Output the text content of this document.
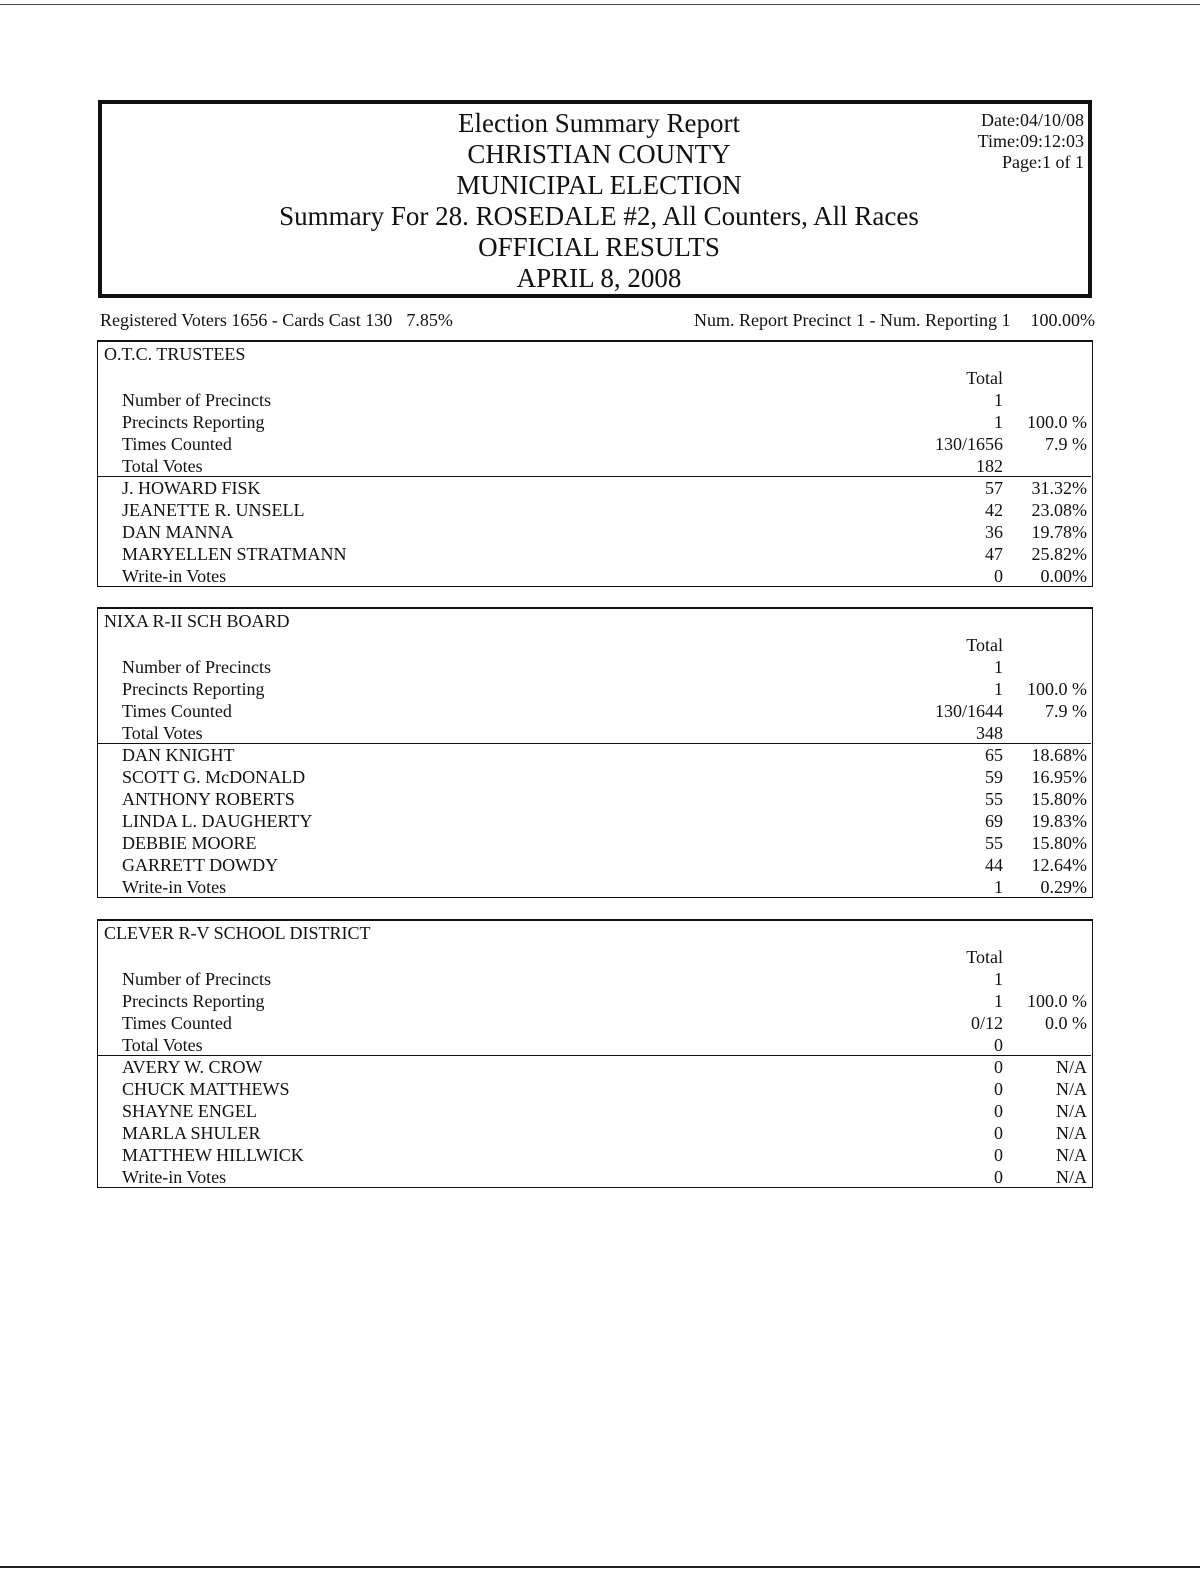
Election Summary Report
CHRISTIAN COUNTY
MUNICIPAL ELECTION
Summary For 28. ROSEDALE #2, All Counters, All Races
OFFICIAL RESULTS
APRIL 8, 2008
Date:04/10/08
Time:09:12:03
Page:1 of 1
Registered Voters 1656 - Cards Cast 130 7.85%	Num. Report Precinct 1 - Num. Reporting 1 100.00%
O.T.C. TRUSTEES
Total
Number of Precincts	1
Precincts Reporting	1 100.0 %
Times Counted	130/1656 7.9 %
Total Votes	182
J. HOWARD FISK	57 31.32%
JEANETTE R. UNSELL	42 23.08%
DAN MANNA	36 19.78%
MARYELLEN STRATMANN	47 25.82%
Write-in Votes	0 0.00%
NIXA R-II SCH BOARD
Total
Number of Precincts	1
Precincts Reporting	1 100.0 %
Times Counted	130/1644 7.9 %
Total Votes	348
DAN KNIGHT	65 18.68%
SCOTT G. McDONALD	59 16.95%
ANTHONY ROBERTS	55 15.80%
LINDA L. DAUGHERTY	69 19.83%
DEBBIE MOORE	55 15.80%
GARRETT DOWDY	44 12.64%
Write-in Votes	1 0.29%
CLEVER R-V SCHOOL DISTRICT
Total
Number of Precincts	1
Precincts Reporting	1 100.0 %
Times Counted	0/12 0.0 %
Total Votes	0
AVERY W. CROW	0	N/A
CHUCK MATTHEWS	0	N/A
SHAYNE ENGEL	0	N/A
MARLA SHULER	0	N/A
MATTHEW HILLWICK	0	N/A
Write-in Votes	0	N/A
